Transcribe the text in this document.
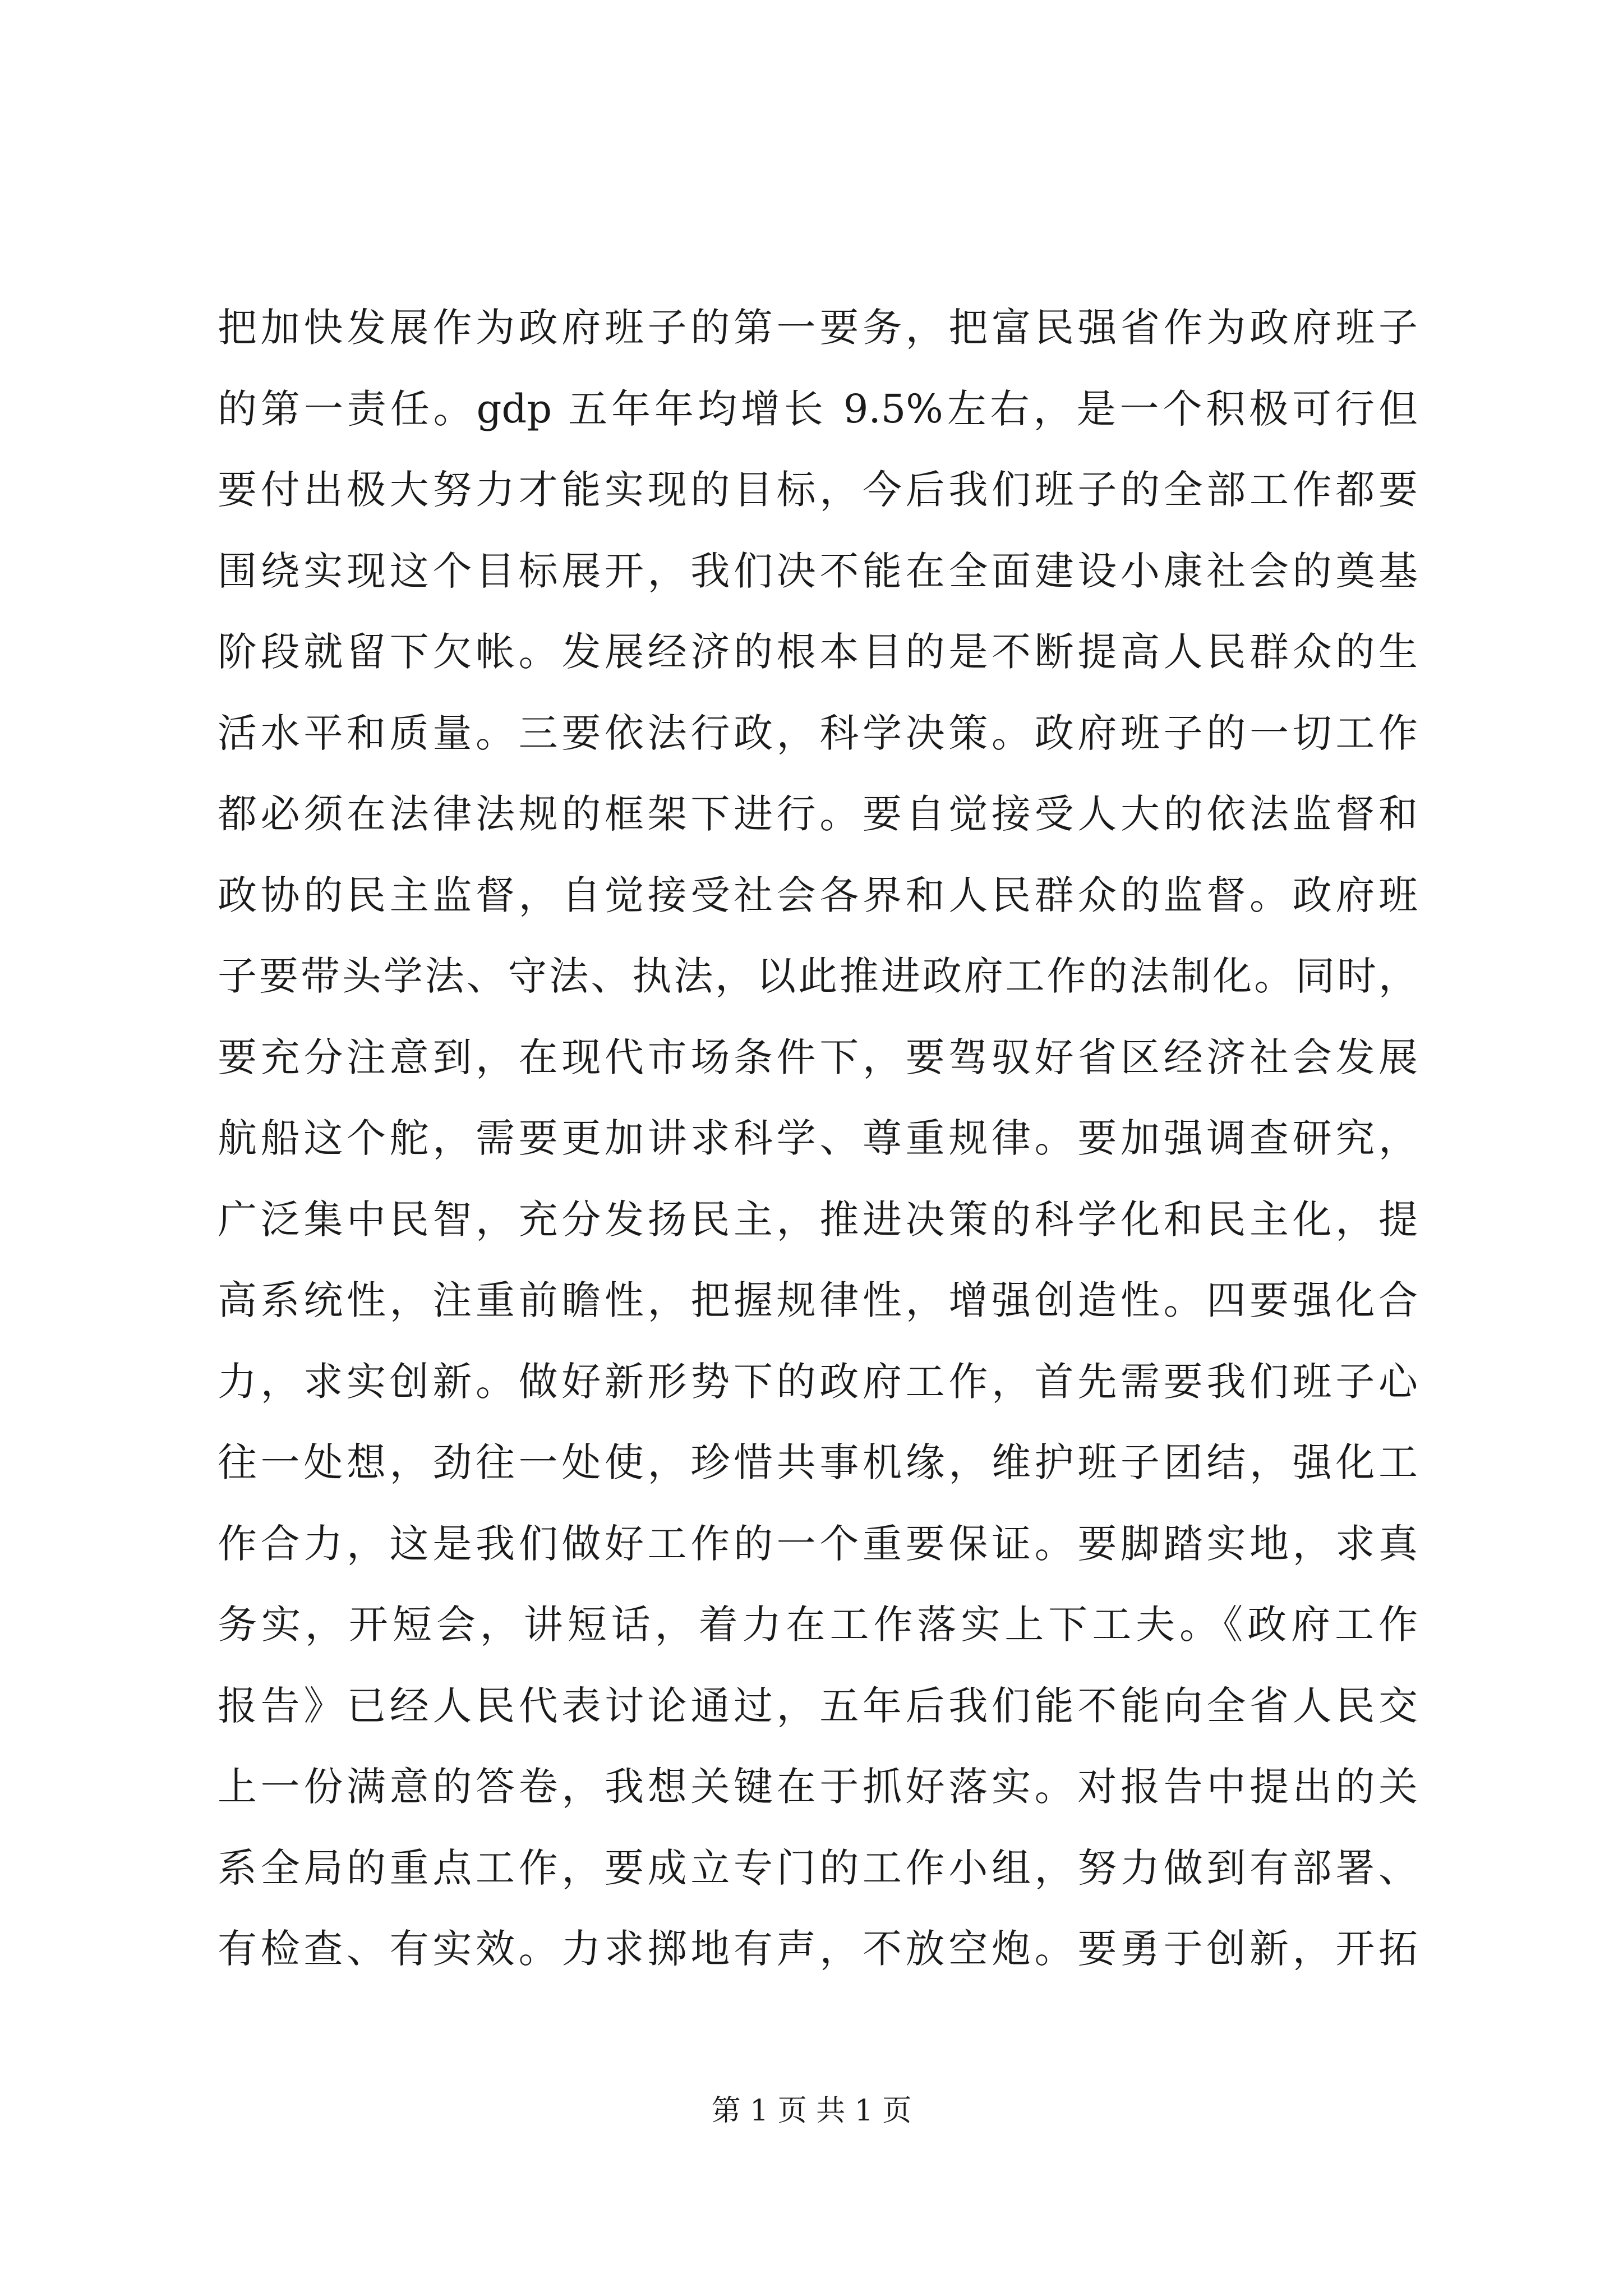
把加快发展作为政府班子的第一要务，把富民强省作为政府班子
的第一责任。gdp 五年年均增长 9.5%左右，是一个积极可行但
要付出极大努力才能实现的目标，今后我们班子的全部工作都要
围绕实现这个目标展开，我们决不能在全面建设小康社会的奠基
阶段就留下欠帐。发展经济的根本目的是不断提高人民群众的生
活水平和质量。三要依法行政，科学决策。政府班子的一切工作
都必须在法律法规的框架下进行。要自觉接受人大的依法监督和
政协的民主监督，自觉接受社会各界和人民群众的监督。政府班
子要带头学法、守法、执法，以此推进政府工作的法制化。同时，
要充分注意到，在现代市场条件下，要驾驭好省区经济社会发展
航船这个舵，需要更加讲求科学、尊重规律。要加强调查研究，
广泛集中民智，充分发扬民主，推进决策的科学化和民主化，提
高系统性，注重前瞻性，把握规律性，增强创造性。四要强化合
力，求实创新。做好新形势下的政府工作，首先需要我们班子心
往一处想，劲往一处使，珍惜共事机缘，维护班子团结，强化工
作合力，这是我们做好工作的一个重要保证。要脚踏实地，求真
务实，开短会，讲短话，着力在工作落实上下工夫。《政府工作
报告》已经人民代表讨论通过，五年后我们能不能向全省人民交
上一份满意的答卷，我想关键在于抓好落实。对报告中提出的关
系全局的重点工作，要成立专门的工作小组，努力做到有部署、
有检查、有实效。力求掷地有声，不放空炮。要勇于创新，开拓
第 1 页 共 1 页
